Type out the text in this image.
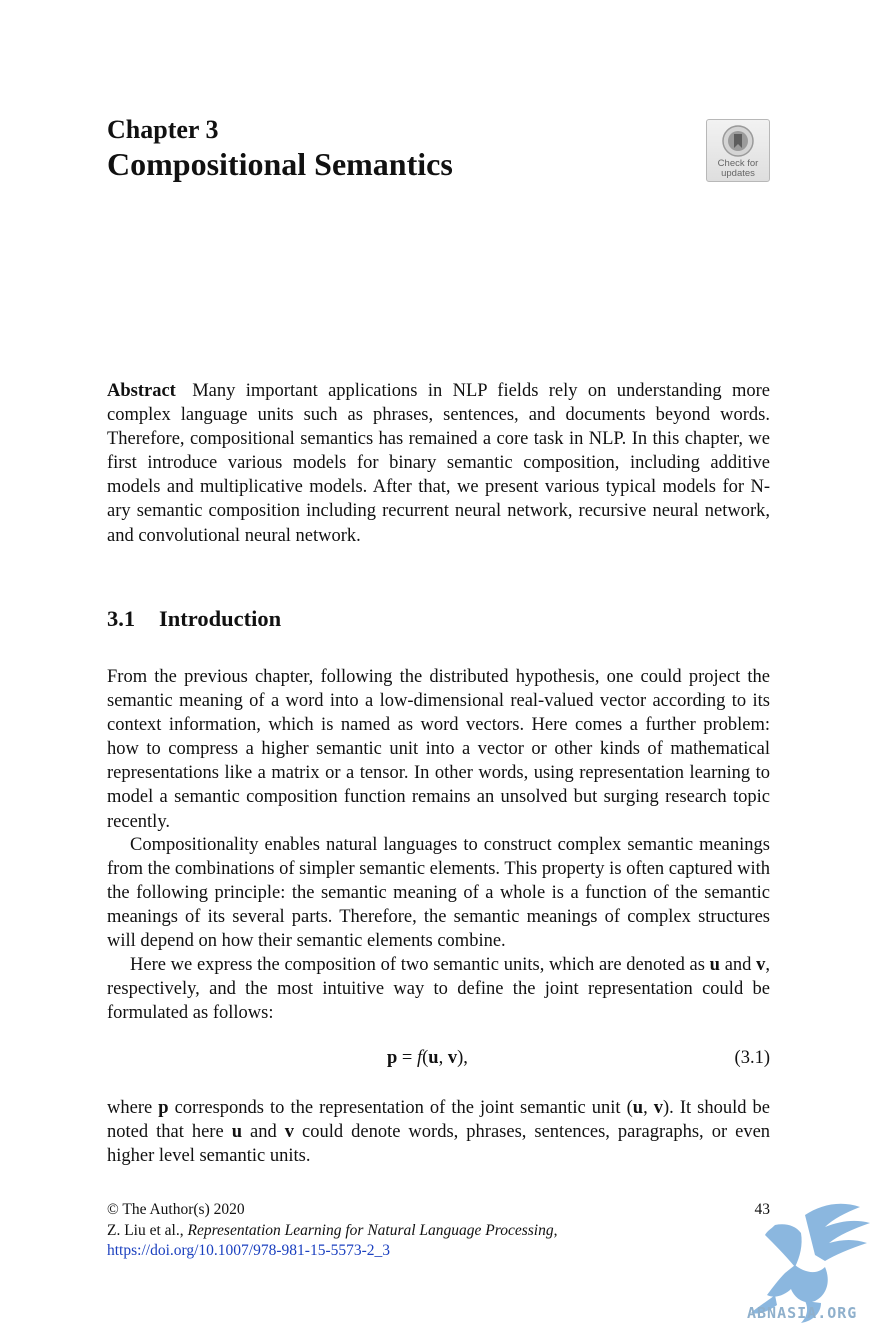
Chapter 3
Compositional Semantics	Check for
updates

Abstract Many important applications in NLP fields rely on understanding more complex language units such as phrases, sentences, and documents beyond words. Therefore, compositional semantics has remained a core task in NLP. In this chapter, we first introduce various models for binary semantic composition, including additive models and multiplicative models. After that, we present various typical models for N-ary semantic composition including recurrent neural network, recursive neural network, and convolutional neural network.

3.1 Introduction

From the previous chapter, following the distributed hypothesis, one could project the semantic meaning of a word into a low-dimensional real-valued vector according to its context information, which is named as word vectors. Here comes a further problem: how to compress a higher semantic unit into a vector or other kinds of mathematical representations like a matrix or a tensor. In other words, using representation learning to model a semantic composition function remains an unsolved but surging research topic recently.

Compositionality enables natural languages to construct complex semantic meanings from the combinations of simpler semantic elements. This property is often captured with the following principle: the semantic meaning of a whole is a function of the semantic meanings of its several parts. Therefore, the semantic meanings of complex structures will depend on how their semantic elements combine.

Here we express the composition of two semantic units, which are denoted as u and v, respectively, and the most intuitive way to define the joint representation could be formulated as follows:

p = f(u, v),	(3.1)

where p corresponds to the representation of the joint semantic unit (u, v). It should be noted that here u and v could denote words, phrases, sentences, paragraphs, or even higher level semantic units.

© The Author(s) 2020
Z. Liu et al., Representation Learning for Natural Language Processing,
https://doi.org/10.1007/978-981-15-5573-2_3
43
ABNASIA.ORG
